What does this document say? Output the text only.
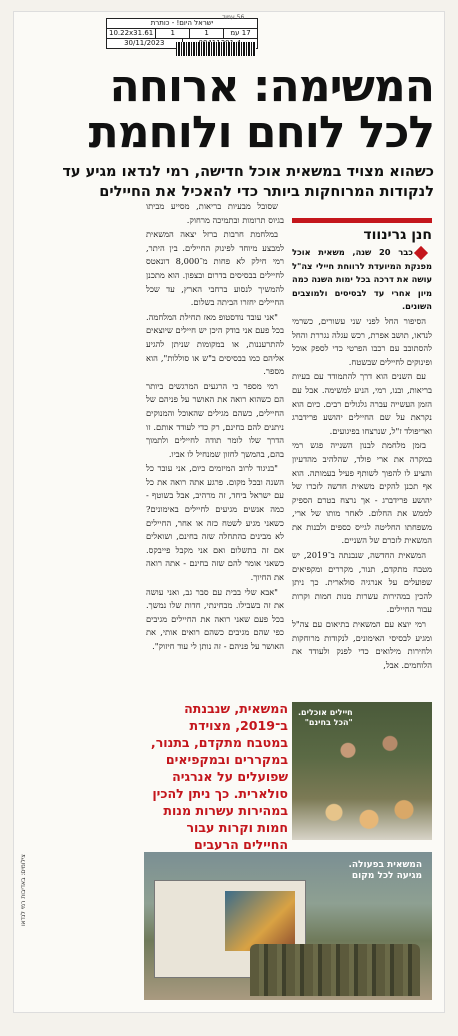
ישראל היום! - כותרת
17 עמ
1
1
10.22x31.61
30/11/2023
56 עמוד
המשימה: ארוחה
לכל לוחם ולוחמת
כשהוא מצויד במשאית אוכל חדישה, רמי לנדאו מגיע עד לנקודות המרוחקות ביותר כדי להאכיל את החיילים
חנן גרינווד

כבר 20 שנה, משאית אוכל מפנקת המיועדת לרווחת חיילי צה"ל עושה את דרכה בכל ימות השנה כמה מיון אחרי עד לבסיסים ולמוצבים השונים.

הסיפור החל לפני שני עשורים, כשרמי לנדאו, תושב אפרת, רכש עגלה נגררת והחל להסתובב עם רכבו הפרטי כדי לספק אוכל ופינוקים לחיילים שבשטח.

עם השנים הוא דרך להתמודד עם בעיות בריאות, ובנו, רמי, הניע למשימה. אבל עם הזמן העשייה עברה גלגולים רבים. כיום הוא נקראת על שם החיילים יהושע פרידברג ואריפולד ז"ל, שנרצחו בפיגועים.

בזמן מלחמת לבנון השנייה פגש רמי במקרה את ארי פולד, שהלהיב מהדעיון והציע לו להפוך לשותף פעיל בעמותה. הוא אף תכנן להקים משאית חדשה לזכרו של יהושע פרידברג - אך נרצח בטרם הספיק לממש את החלום. לאחר מותו של ארי, משפחתו החליטה לגייס כספים ולבנות את המשאית לזכרם של השניים.

המשאית החדשה, שנבנתה ב־2019, יש מטבח מתקדם, תנור, מקררים ומקפיאים שפועלים על אנרגיה סולארית. כך ניתן להכין במהירות עשרות מנות חמות וקרות עבור החיילים.

רמי יוצא עם המשאית בתיאום עם צה"ל ומגיע לבסיסי האימונים, לנקודות מרוחקות ולחירות מילואים כדי לפנק ולעודד את הלוחמים. אבל,

שסובל מבעיות בריאות, מסייע מביתו בגיוס תרומות ובתמיכה מרחוק.

במלחמת חרבות ברזל יצאה המשאית למבצע מיוחד לפינוק החיילים. בין היתר, רמי חילק לא פחות מ־8,000 דונאטס לחיילים בבסיסים בדרום ובצפון. הוא מתכנן להמשיך לנסוע ברחבי הארץ, עד שכל החיילים יחזרו הביתה בשלום.

"אני עובד נודסטופ מאז תחילת המלחמה. בכל פעם אני בודק היכן יש חיילים שיוצאים להתרעננות, או במקומות שניתן להגיע אליהם כמו בבסיסים ב"ש או סוללות", הוא מספר.

רמי מספר כי הרגעים המרגשים ביותר הם כשהוא רואה את האושר על פניהם של החיילים, כשהם מגילים שהאוכל והמנוקים ניתנים להם בחינם, רק כדי לעודד אותם. זו הדרך שלו לומר תודה לחיילים ולתמוך בהם, בהמשך לחזון שמנחיל לו אביו.

"בניגוד לרוב המיזמים כיום, אני עובר כל השנה ובכל מקום. פרגע אתה רואה את כל עם ישראל ביחד, זה מרהיב, אבל בשוטף - כמה אנשים מגיעים לחיילים באימונים? כשאני מגיע לשטח כזה או אחר, החיילים לא מבינים בהתחלה שזה בחינם, ושואלים אם זה בתשלום ואם אני מקבל פייבקס. כשאני אומר להם שזה בחינם - אתה רואה את החיוך.

"אבא שלי בבית עם סבר גב, ואני עושה את זה בשבילו. מבחינתי, חדות שלו נמשך. בכל פעם שאני רואה את החיילים מגיבים כפי שהם מגיבים כשהם רואים אותי, את האושר על פניהם - זה נותן לי עוד חיזוק".

המשאית, שנבנתה ב־2019, מצוידת במטבח מתקדם, בתנור, במקררים ובמקפיאים שפועלים על אנרגיה סולארית. כך ניתן להכין במהירות עשרות מנות חמות וקרות עבור החיילים הרעבים
חיילים אוכלים.
"הכל בחינם"
המשאית בפעולה.
מגיעה לכל מקום
צילומים: באדיבות רמי לנדאו
